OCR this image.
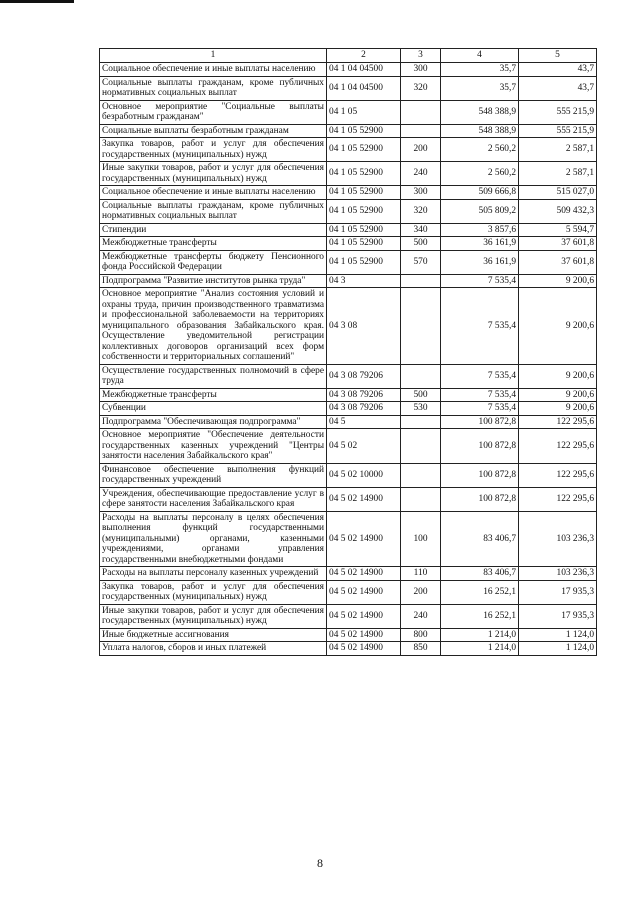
1	2	3	4	5
Социальное обеспечение и иные выплаты населению	04 1 04 04500	300	35,7	43,7
Социальные выплаты гражданам, кроме публичных нормативных социальных выплат	04 1 04 04500	320	35,7	43,7
Основное мероприятие "Социальные выплаты безработным гражданам"	04 1 05		548 388,9	555 215,9
Социальные выплаты безработным гражданам	04 1 05 52900		548 388,9	555 215,9
Закупка товаров, работ и услуг для обеспечения государственных (муниципальных) нужд	04 1 05 52900	200	2 560,2	2 587,1
Иные закупки товаров, работ и услуг для обеспечения государственных (муниципальных) нужд	04 1 05 52900	240	2 560,2	2 587,1
Социальное обеспечение и иные выплаты населению	04 1 05 52900	300	509 666,8	515 027,0
Социальные выплаты гражданам, кроме публичных нормативных социальных выплат	04 1 05 52900	320	505 809,2	509 432,3
Стипендии	04 1 05 52900	340	3 857,6	5 594,7
Межбюджетные трансферты	04 1 05 52900	500	36 161,9	37 601,8
Межбюджетные трансферты бюджету Пенсионного фонда Российской Федерации	04 1 05 52900	570	36 161,9	37 601,8
Подпрограмма "Развитие институтов рынка труда"	04 3		7 535,4	9 200,6
Основное мероприятие "Анализ состояния условий и охраны труда, причин производственного травматизма и профессиональной заболеваемости на территориях муниципального образования Забайкальского края. Осуществление уведомительной регистрации коллективных договоров организаций всех форм собственности и территориальных соглашений"	04 3 08		7 535,4	9 200,6
Осуществление государственных полномочий в сфере труда	04 3 08 79206		7 535,4	9 200,6
Межбюджетные трансферты	04 3 08 79206	500	7 535,4	9 200,6
Субвенции	04 3 08 79206	530	7 535,4	9 200,6
Подпрограмма "Обеспечивающая подпрограмма"	04 5		100 872,8	122 295,6
Основное мероприятие "Обеспечение деятельности государственных казенных учреждений "Центры занятости населения Забайкальского края"	04 5 02		100 872,8	122 295,6
Финансовое обеспечение выполнения функций государственных учреждений	04 5 02 10000		100 872,8	122 295,6
Учреждения, обеспечивающие предоставление услуг в сфере занятости населения Забайкальского края	04 5 02 14900		100 872,8	122 295,6
Расходы на выплаты персоналу в целях обеспечения выполнения функций государственными (муниципальными) органами, казенными учреждениями, органами управления государственными внебюджетными фондами	04 5 02 14900	100	83 406,7	103 236,3
Расходы на выплаты персоналу казенных учреждений	04 5 02 14900	110	83 406,7	103 236,3
Закупка товаров, работ и услуг для обеспечения государственных (муниципальных) нужд	04 5 02 14900	200	16 252,1	17 935,3
Иные закупки товаров, работ и услуг для обеспечения государственных (муниципальных) нужд	04 5 02 14900	240	16 252,1	17 935,3
Иные бюджетные ассигнования	04 5 02 14900	800	1 214,0	1 124,0
Уплата налогов, сборов и иных платежей	04 5 02 14900	850	1 214,0	1 124,0
8
